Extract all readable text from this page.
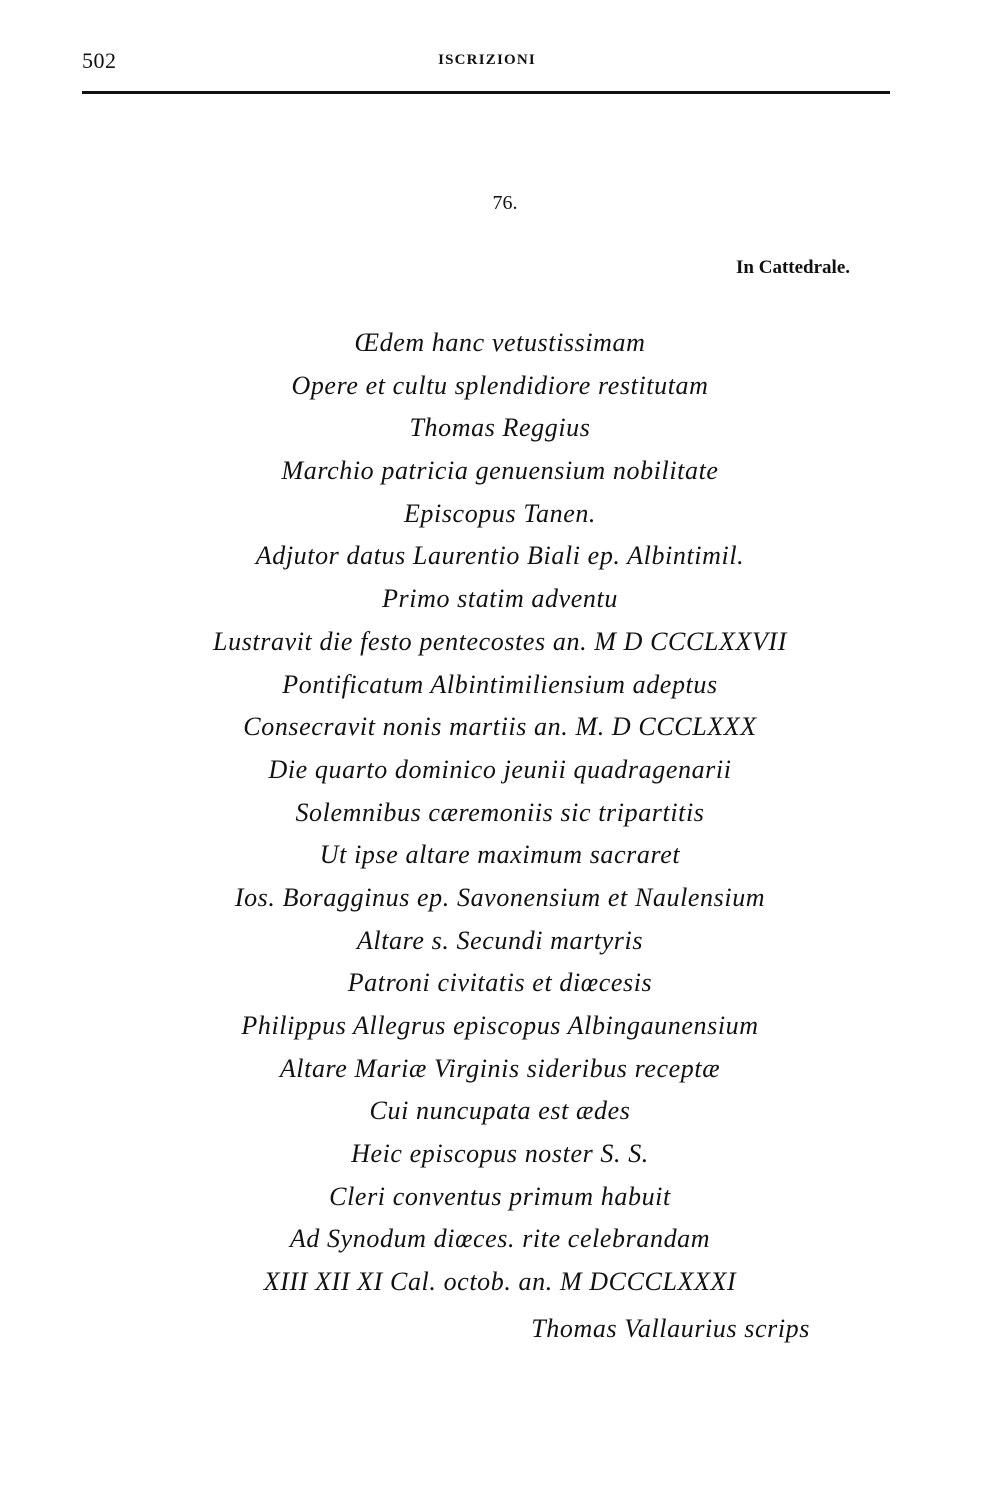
502	ISCRIZIONI
76.
In Cattedrale.
Œdem hanc vetustissimam
Opere et cultu splendidiore restitutam
Thomas Reggius
Marchio patricia genuensium nobilitate
Episcopus Tanen.
Adjutor datus Laurentio Biali ep. Albintimil.
Primo statim adventu
Lustravit die festo pentecostes an. M D CCCLXXVII
Pontificatum Albintimiliensium adeptus
Consecravit nonis martiis an. M. D CCCLXXX
Die quarto dominico jeunii quadragenarii
Solemnibus cæremoniis sic tripartitis
Ut ipse altare maximum sacraret
Ios. Boragginus ep. Savonensium et Naulensium
Altare s. Secundi martyris
Patroni civitatis et diœcesis
Philippus Allegrus episcopus Albingaunensium
Altare Mariæ Virginis sideribus receptæ
Cui nuncupata est ædes
Heic episcopus noster S. S.
Cleri conventus primum habuit
Ad Synodum diœces. rite celebrandam
XIII XII XI Cal. octob. an. M DCCCLXXXI
Thomas Vallaurius scrips
